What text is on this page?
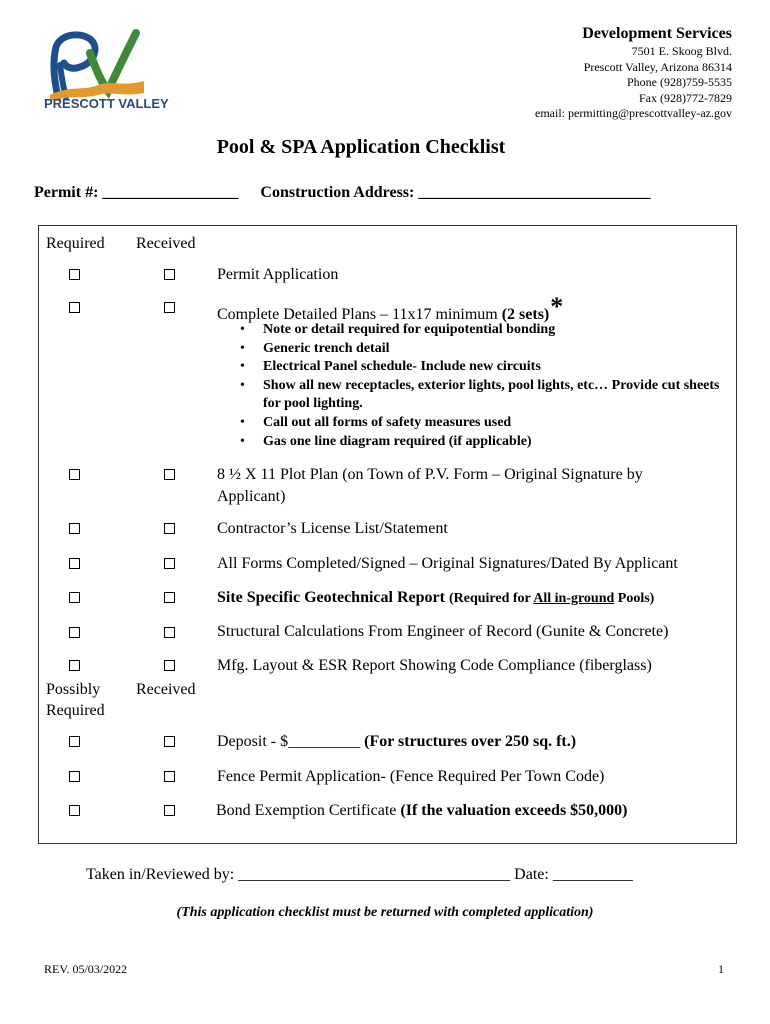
PRESCOTT VALLEY
Development Services
7501 E. Skoog Blvd.
Prescott Valley, Arizona 86314
Phone (928)759-5535
Fax (928)772-7829
email: permitting@prescottvalley-az.gov
Pool & SPA Application Checklist
Permit #: _________________ Construction Address: _____________________________
Required Received
Permit Application
Complete Detailed Plans – 11x17 minimum (2 sets)*
• Note or detail required for equipotential bonding
• Generic trench detail
• Electrical Panel schedule- Include new circuits
• Show all new receptacles, exterior lights, pool lights, etc… Provide cut sheets for pool lighting.
• Call out all forms of safety measures used
• Gas one line diagram required (if applicable)
8 ½ X 11 Plot Plan (on Town of P.V. Form – Original Signature by
Applicant)
Contractor’s License List/Statement
All Forms Completed/Signed – Original Signatures/Dated By Applicant
Site Specific Geotechnical Report (Required for All in-ground Pools)
Structural Calculations From Engineer of Record (Gunite & Concrete)
Mfg. Layout & ESR Report Showing Code Compliance (fiberglass)
Possibly
Required
Received
Deposit - $_________ (For structures over 250 sq. ft.)
Fence Permit Application- (Fence Required Per Town Code)
Bond Exemption Certificate (If the valuation exceeds $50,000)
Taken in/Reviewed by: __________________________________ Date: __________
(This application checklist must be returned with completed application)
REV. 05/03/2022	1
